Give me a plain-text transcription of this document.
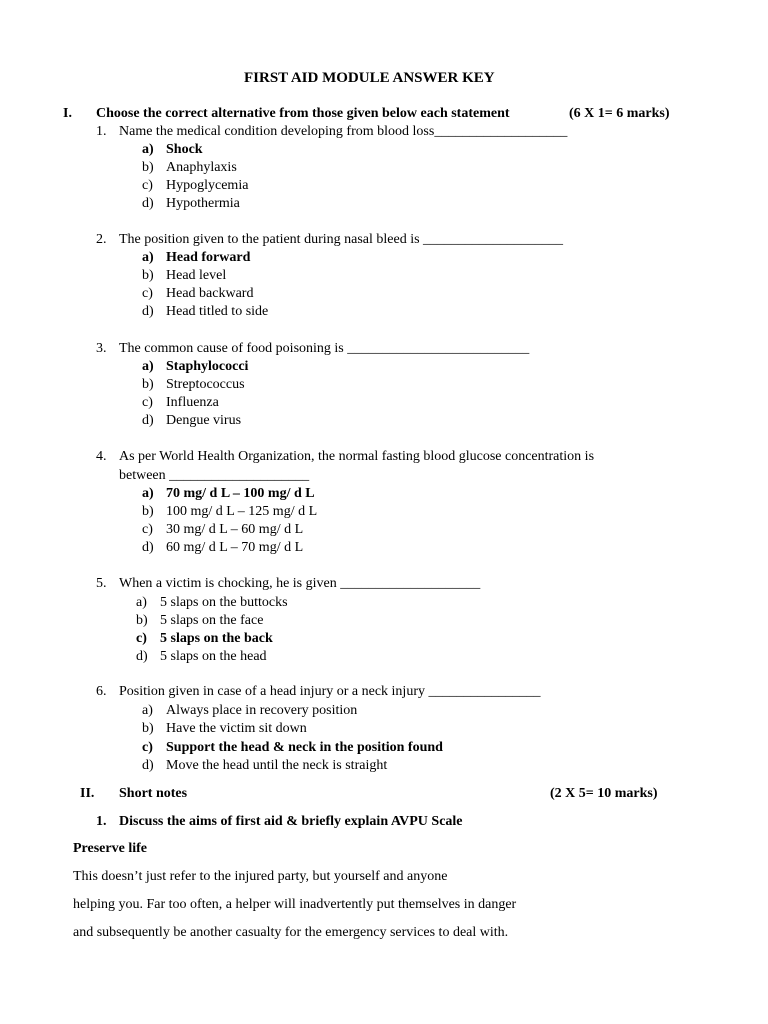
FIRST AID MODULE ANSWER KEY
I. Choose the correct alternative from those given below each statement	(6 X 1= 6 marks)
1. Name the medical condition developing from blood loss___________________
a) Shock
b) Anaphylaxis
c) Hypoglycemia
d) Hypothermia
2. The position given to the patient during nasal bleed is ____________________
a) Head forward
b) Head level
c) Head backward
d) Head titled to side
3. The common cause of food poisoning is __________________________
a) Staphylococci
b) Streptococcus
c) Influenza
d) Dengue virus
4. As per World Health Organization, the normal fasting blood glucose concentration is
between ____________________
a) 70 mg/ d L – 100 mg/ d L
b) 100 mg/ d L – 125 mg/ d L
c) 30 mg/ d L – 60 mg/ d L
d) 60 mg/ d L – 70 mg/ d L
5. When a victim is chocking, he is given ____________________
a) 5 slaps on the buttocks
b) 5 slaps on the face
c) 5 slaps on the back
d) 5 slaps on the head
6. Position given in case of a head injury or a neck injury ________________
a) Always place in recovery position
b) Have the victim sit down
c) Support the head & neck in the position found
d) Move the head until the neck is straight
II. Short notes	(2 X 5= 10 marks)
1. Discuss the aims of first aid & briefly explain AVPU Scale
Preserve life
This doesn’t just refer to the injured party, but yourself and anyone
helping you. Far too often, a helper will inadvertently put themselves in danger
and subsequently be another casualty for the emergency services to deal with.
